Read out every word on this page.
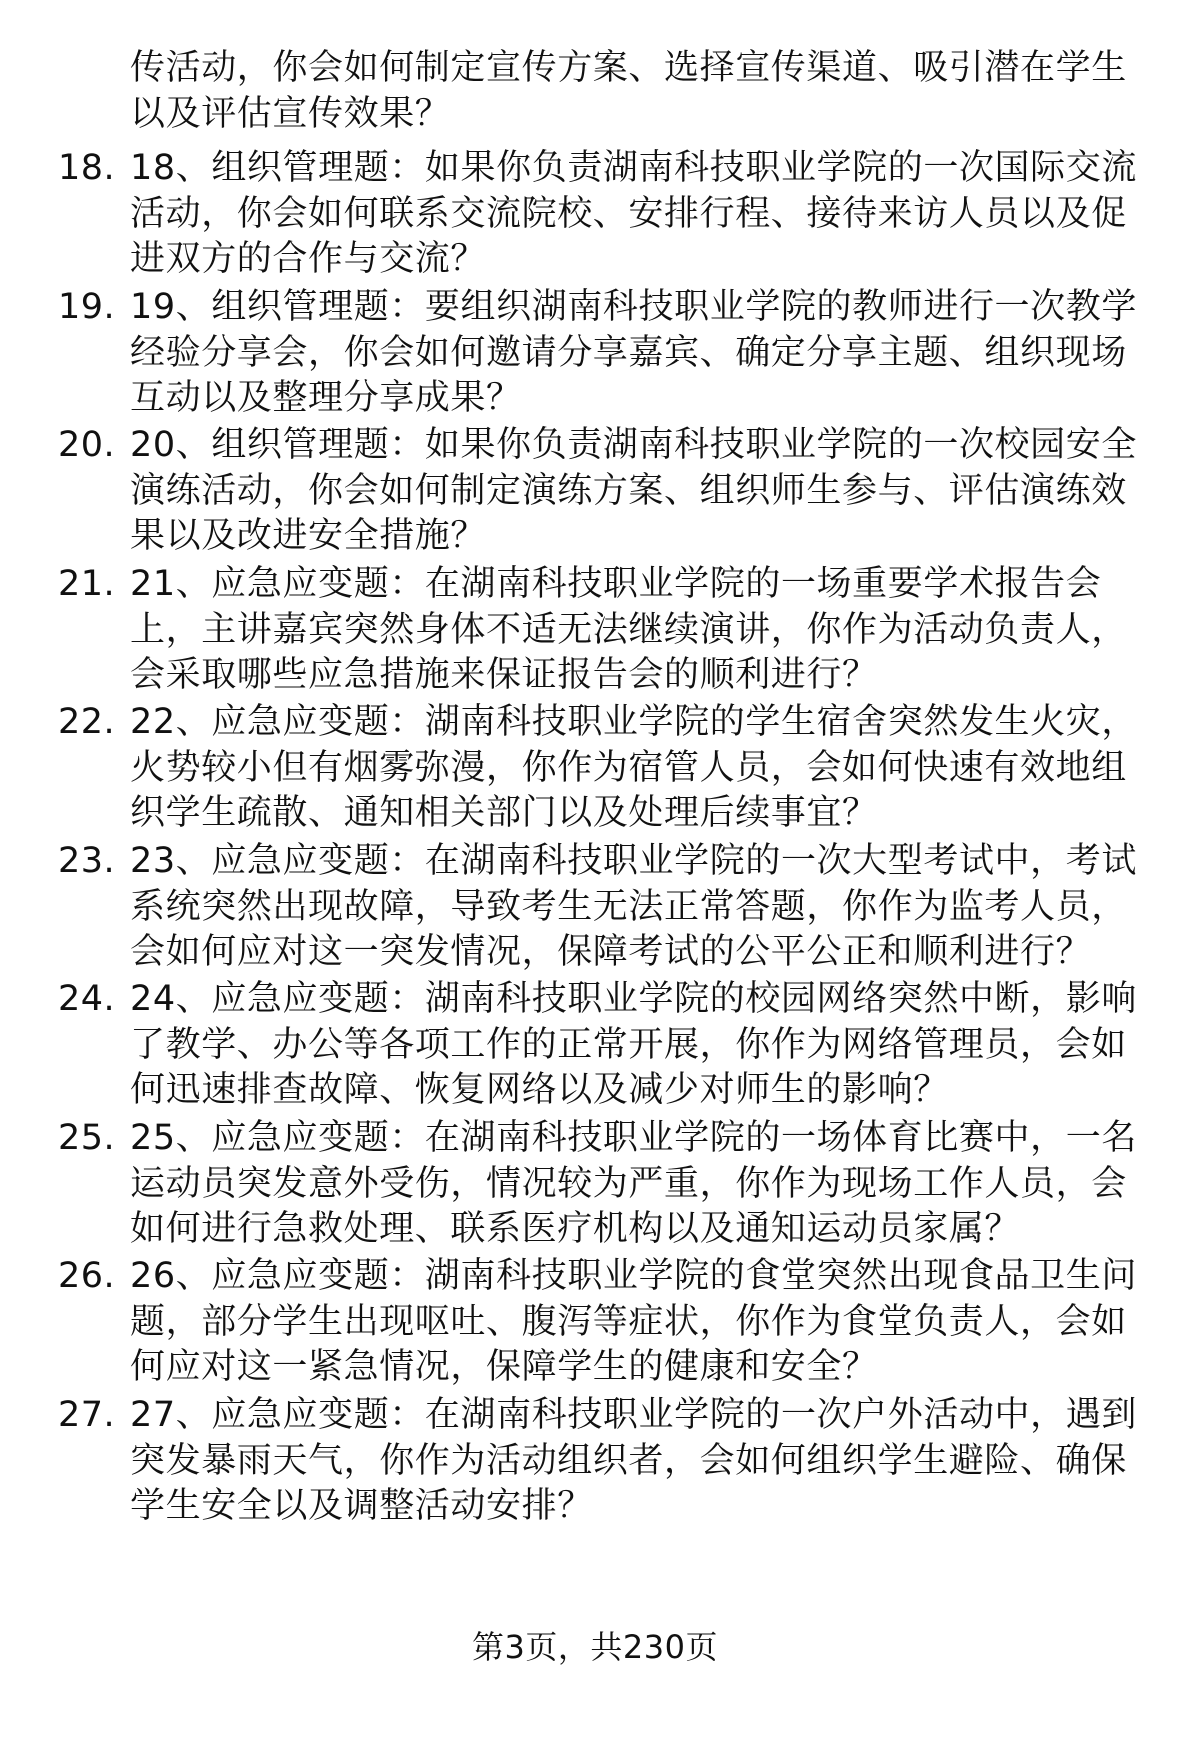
传活动，你会如何制定宣传方案、选择宣传渠道、吸引潜在学生以及评估宣传效果？

18. 18、组织管理题：如果你负责湖南科技职业学院的一次国际交流活动，你会如何联系交流院校、安排行程、接待来访人员以及促进双方的合作与交流？

19. 19、组织管理题：要组织湖南科技职业学院的教师进行一次教学经验分享会，你会如何邀请分享嘉宾、确定分享主题、组织现场互动以及整理分享成果？

20. 20、组织管理题：如果你负责湖南科技职业学院的一次校园安全演练活动，你会如何制定演练方案、组织师生参与、评估演练效果以及改进安全措施？

21. 21、应急应变题：在湖南科技职业学院的一场重要学术报告会上，主讲嘉宾突然身体不适无法继续演讲，你作为活动负责人，会采取哪些应急措施来保证报告会的顺利进行？

22. 22、应急应变题：湖南科技职业学院的学生宿舍突然发生火灾，火势较小但有烟雾弥漫，你作为宿管人员，会如何快速有效地组织学生疏散、通知相关部门以及处理后续事宜？

23. 23、应急应变题：在湖南科技职业学院的一次大型考试中，考试系统突然出现故障，导致考生无法正常答题，你作为监考人员，会如何应对这一突发情况，保障考试的公平公正和顺利进行？

24. 24、应急应变题：湖南科技职业学院的校园网络突然中断，影响了教学、办公等各项工作的正常开展，你作为网络管理员，会如何迅速排查故障、恢复网络以及减少对师生的影响？

25. 25、应急应变题：在湖南科技职业学院的一场体育比赛中，一名运动员突发意外受伤，情况较为严重，你作为现场工作人员，会如何进行急救处理、联系医疗机构以及通知运动员家属？

26. 26、应急应变题：湖南科技职业学院的食堂突然出现食品卫生问题，部分学生出现呕吐、腹泻等症状，你作为食堂负责人，会如何应对这一紧急情况，保障学生的健康和安全？

27. 27、应急应变题：在湖南科技职业学院的一次户外活动中，遇到突发暴雨天气，你作为活动组织者，会如何组织学生避险、确保学生安全以及调整活动安排？

第3页，共230页
